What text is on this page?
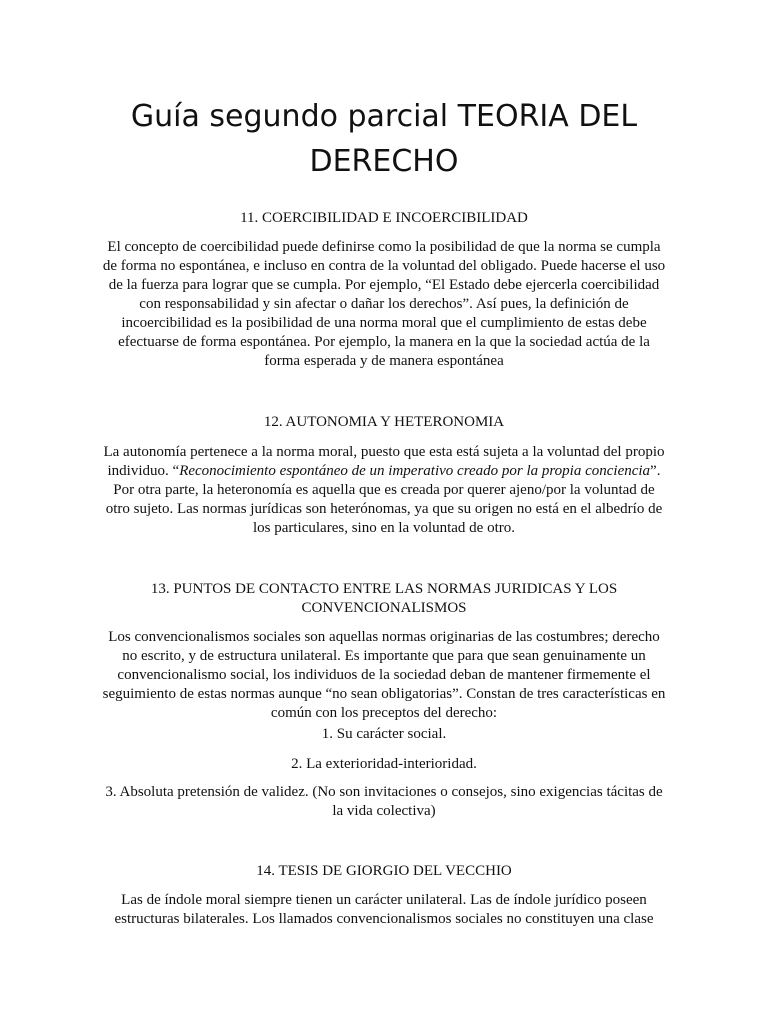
Guía segundo parcial TEORIA DEL DERECHO

11. COERCIBILIDAD E INCOERCIBILIDAD

El concepto de coercibilidad puede definirse como la posibilidad de que la norma se cumpla de forma no espontánea, e incluso en contra de la voluntad del obligado. Puede hacerse el uso de la fuerza para lograr que se cumpla. Por ejemplo, “El Estado debe ejercerla coercibilidad con responsabilidad y sin afectar o dañar los derechos”. Así pues, la definición de incoercibilidad es la posibilidad de una norma moral que el cumplimiento de estas debe efectuarse de forma espontánea. Por ejemplo, la manera en la que la sociedad actúa de la forma esperada y de manera espontánea

12. AUTONOMIA Y HETERONOMIA

La autonomía pertenece a la norma moral, puesto que esta está sujeta a la voluntad del propio individuo. “Reconocimiento espontáneo de un imperativo creado por la propia conciencia”. Por otra parte, la heteronomía es aquella que es creada por querer ajeno/por la voluntad de otro sujeto. Las normas jurídicas son heterónomas, ya que su origen no está en el albedrío de los particulares, sino en la voluntad de otro.

13. PUNTOS DE CONTACTO ENTRE LAS NORMAS JURIDICAS Y LOS CONVENCIONALISMOS

Los convencionalismos sociales son aquellas normas originarias de las costumbres; derecho no escrito, y de estructura unilateral. Es importante que para que sean genuinamente un convencionalismo social, los individuos de la sociedad deban de mantener firmemente el seguimiento de estas normas aunque “no sean obligatorias”. Constan de tres características en común con los preceptos del derecho:

1. Su carácter social.

2. La exterioridad-interioridad.

3. Absoluta pretensión de validez. (No son invitaciones o consejos, sino exigencias tácitas de la vida colectiva)

14. TESIS DE GIORGIO DEL VECCHIO

Las de índole moral siempre tienen un carácter unilateral. Las de índole jurídico poseen estructuras bilaterales. Los llamados convencionalismos sociales no constituyen una clase
